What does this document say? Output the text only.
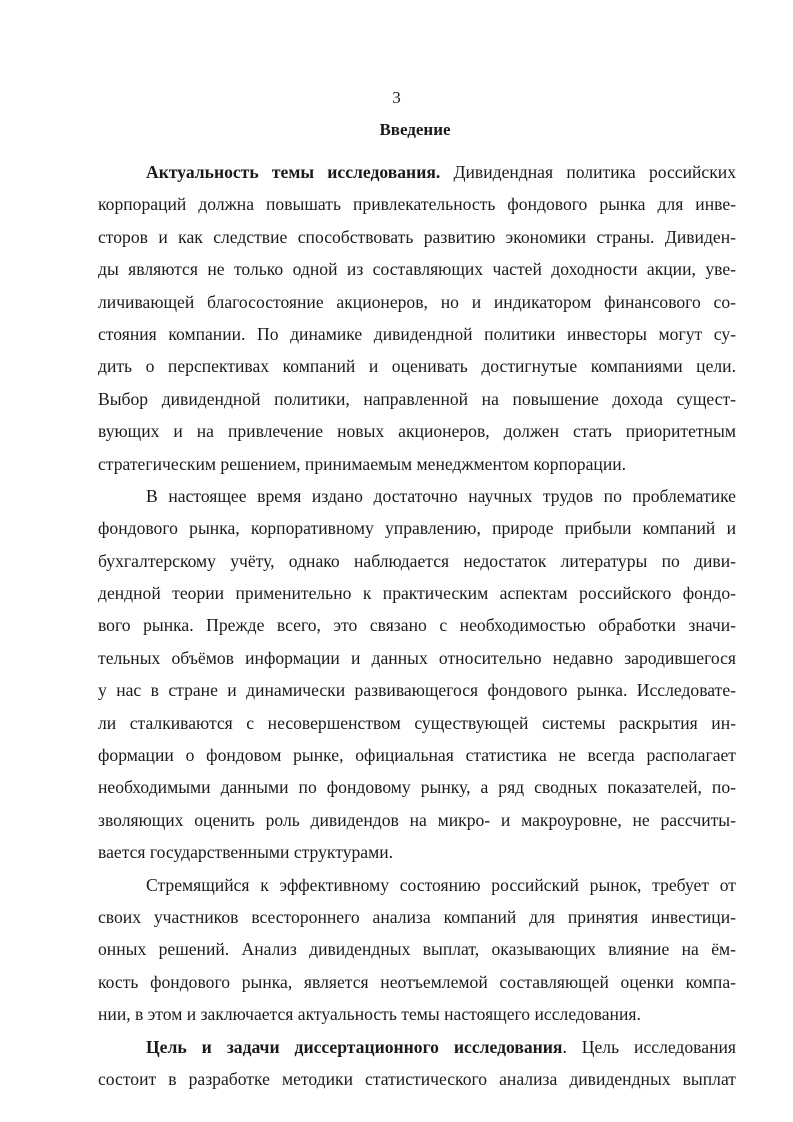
3
Введение
Актуальность темы исследования. Дивидендная политика российских
корпораций должна повышать привлекательность фондового рынка для инве-
сторов и как следствие способствовать развитию экономики страны. Дивиден-
ды являются не только одной из составляющих частей доходности акции, уве-
личивающей благосостояние акционеров, но и индикатором финансового со-
стояния компании. По динамике дивидендной политики инвесторы могут су-
дить о перспективах компаний и оценивать достигнутые компаниями цели.
Выбор дивидендной политики, направленной на повышение дохода сущест-
вующих и на привлечение новых акционеров, должен стать приоритетным
стратегическим решением, принимаемым менеджментом корпорации.
В настоящее время издано достаточно научных трудов по проблематике
фондового рынка, корпоративному управлению, природе прибыли компаний и
бухгалтерскому учёту, однако наблюдается недостаток литературы по диви-
дендной теории применительно к практическим аспектам российского фондо-
вого рынка. Прежде всего, это связано с необходимостью обработки значи-
тельных объёмов информации и данных относительно недавно зародившегося
у нас в стране и динамически развивающегося фондового рынка. Исследовате-
ли сталкиваются с несовершенством существующей системы раскрытия ин-
формации о фондовом рынке, официальная статистика не всегда располагает
необходимыми данными по фондовому рынку, а ряд сводных показателей, по-
зволяющих оценить роль дивидендов на микро- и макроуровне, не рассчиты-
вается государственными структурами.
Стремящийся к эффективному состоянию российский рынок, требует от
своих участников всестороннего анализа компаний для принятия инвестици-
онных решений. Анализ дивидендных выплат, оказывающих влияние на ём-
кость фондового рынка, является неотъемлемой составляющей оценки компа-
нии, в этом и заключается актуальность темы настоящего исследования.
Цель и задачи диссертационного исследования. Цель исследования
состоит в разработке методики статистического анализа дивидендных выплат
